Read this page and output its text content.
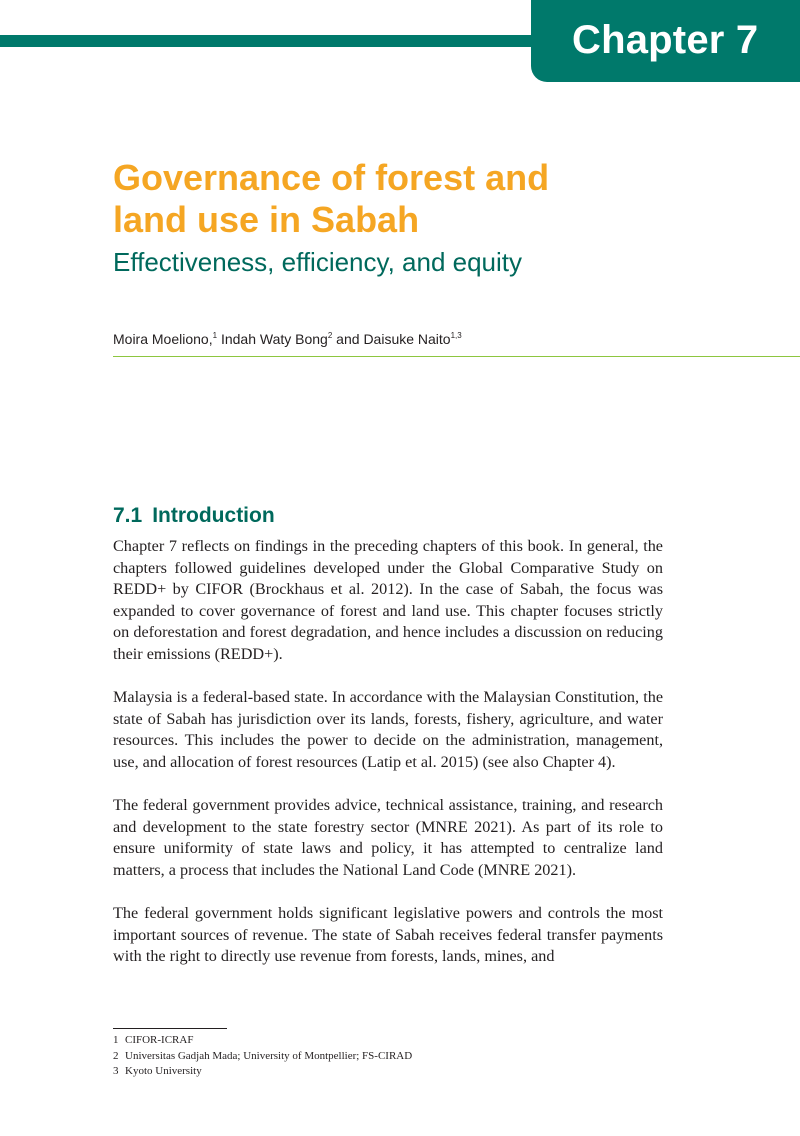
Chapter 7
Governance of forest and
land use in Sabah
Effectiveness, efficiency, and equity
Moira Moeliono,$^1$ Indah Waty Bong$^2$ and Daisuke Naito$^{1,3}$
7.1 Introduction

Chapter 7 reflects on findings in the preceding chapters of this book. In general, the chapters followed guidelines developed under the Global Comparative Study on REDD+ by CIFOR (Brockhaus et al. 2012). In the case of Sabah, the focus was expanded to cover governance of forest and land use. This chapter focuses strictly on deforestation and forest degradation, and hence includes a discussion on reducing their emissions (REDD+).

Malaysia is a federal-based state. In accordance with the Malaysian Constitution, the state of Sabah has jurisdiction over its lands, forests, fishery, agriculture, and water resources. This includes the power to decide on the administration, management, use, and allocation of forest resources (Latip et al. 2015) (see also Chapter 4).

The federal government provides advice, technical assistance, training, and research and development to the state forestry sector (MNRE 2021). As part of its role to ensure uniformity of state laws and policy, it has attempted to centralize land matters, a process that includes the National Land Code (MNRE 2021).

The federal government holds significant legislative powers and controls the most important sources of revenue. The state of Sabah receives federal transfer payments with the right to directly use revenue from forests, lands, mines, and

1 CIFOR-ICRAF
2 Universitas Gadjah Mada; University of Montpellier; FS-CIRAD
3 Kyoto University
